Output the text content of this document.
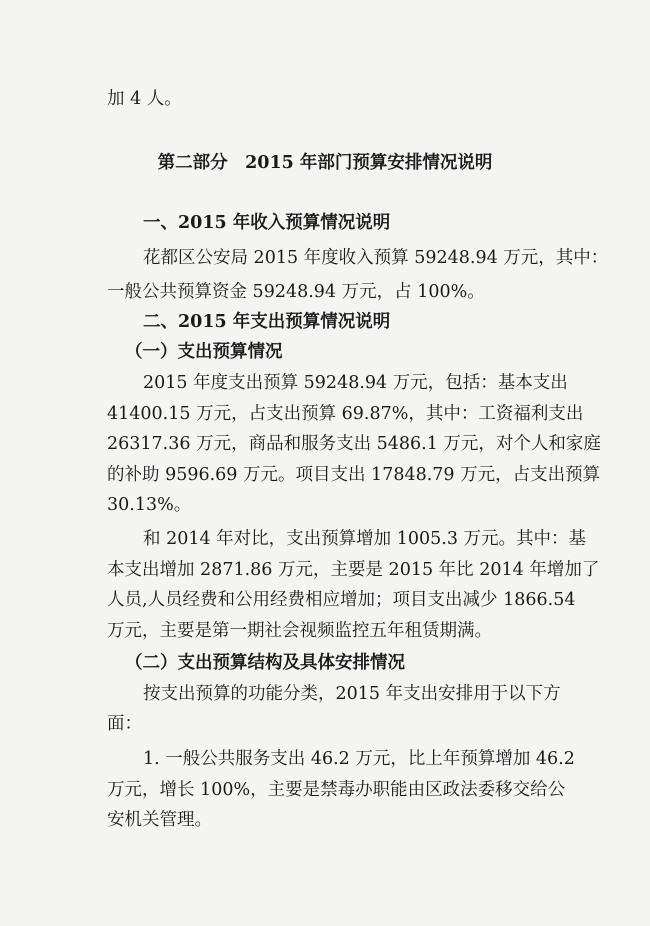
加 4 人。
第二部分　2015 年部门预算安排情况说明
一、2015 年收入预算情况说明
花都区公安局 2015 年度收入预算 59248.94 万元，其中：
一般公共预算资金 59248.94 万元，占 100%。
二、2015 年支出预算情况说明
（一）支出预算情况
2015 年度支出预算 59248.94 万元，包括：基本支出
41400.15 万元，占支出预算 69.87%，其中：工资福利支出
26317.36 万元，商品和服务支出 5486.1 万元，对个人和家庭
的补助 9596.69 万元。项目支出 17848.79 万元，占支出预算
30.13%。
和 2014 年对比，支出预算增加 1005.3 万元。其中：基
本支出增加 2871.86 万元，主要是 2015 年比 2014 年增加了
人员,人员经费和公用经费相应增加；项目支出减少 1866.54
万元，主要是第一期社会视频监控五年租赁期满。
（二）支出预算结构及具体安排情况
按支出预算的功能分类，2015 年支出安排用于以下方
面：
1. 一般公共服务支出 46.2 万元，比上年预算增加 46.2
万元，增长 100%，主要是禁毒办职能由区政法委移交给公
安机关管理。
